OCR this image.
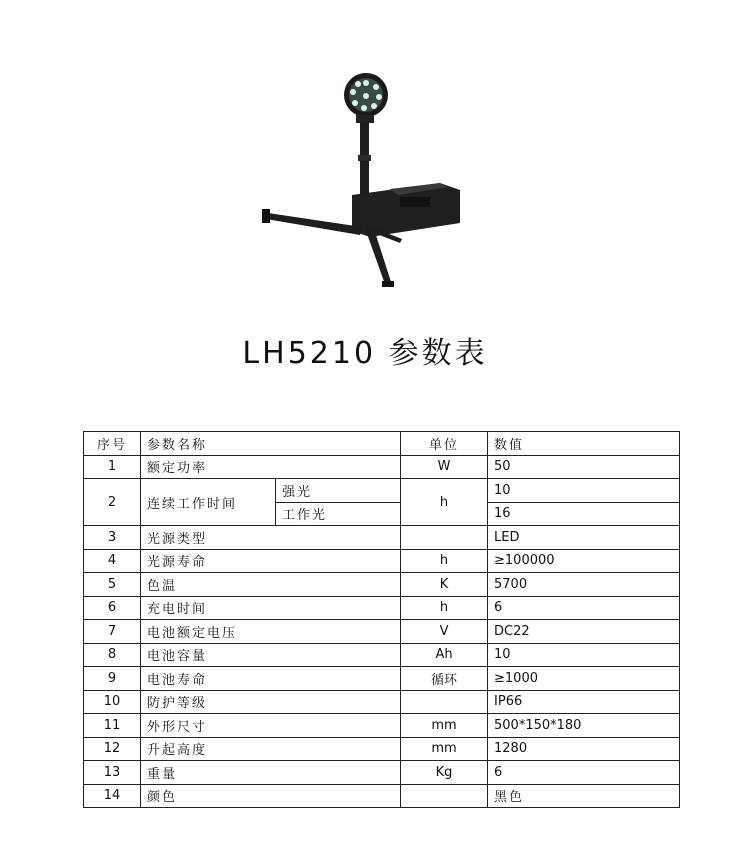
LH5210 参数表
序号	参数名称		单位	数值
1	额定功率		W	50
2	连续工作时间	强光	h	10
		工作光		16
3	光源类型			LED
4	光源寿命		h	≥100000
5	色温		K	5700
6	充电时间		h	6
7	电池额定电压		V	DC22
8	电池容量		Ah	10
9	电池寿命		循环	≥1000
10	防护等级			IP66
11	外形尺寸		mm	500*150*180
12	升起高度		mm	1280
13	重量		Kg	6
14	颜色			黑色
